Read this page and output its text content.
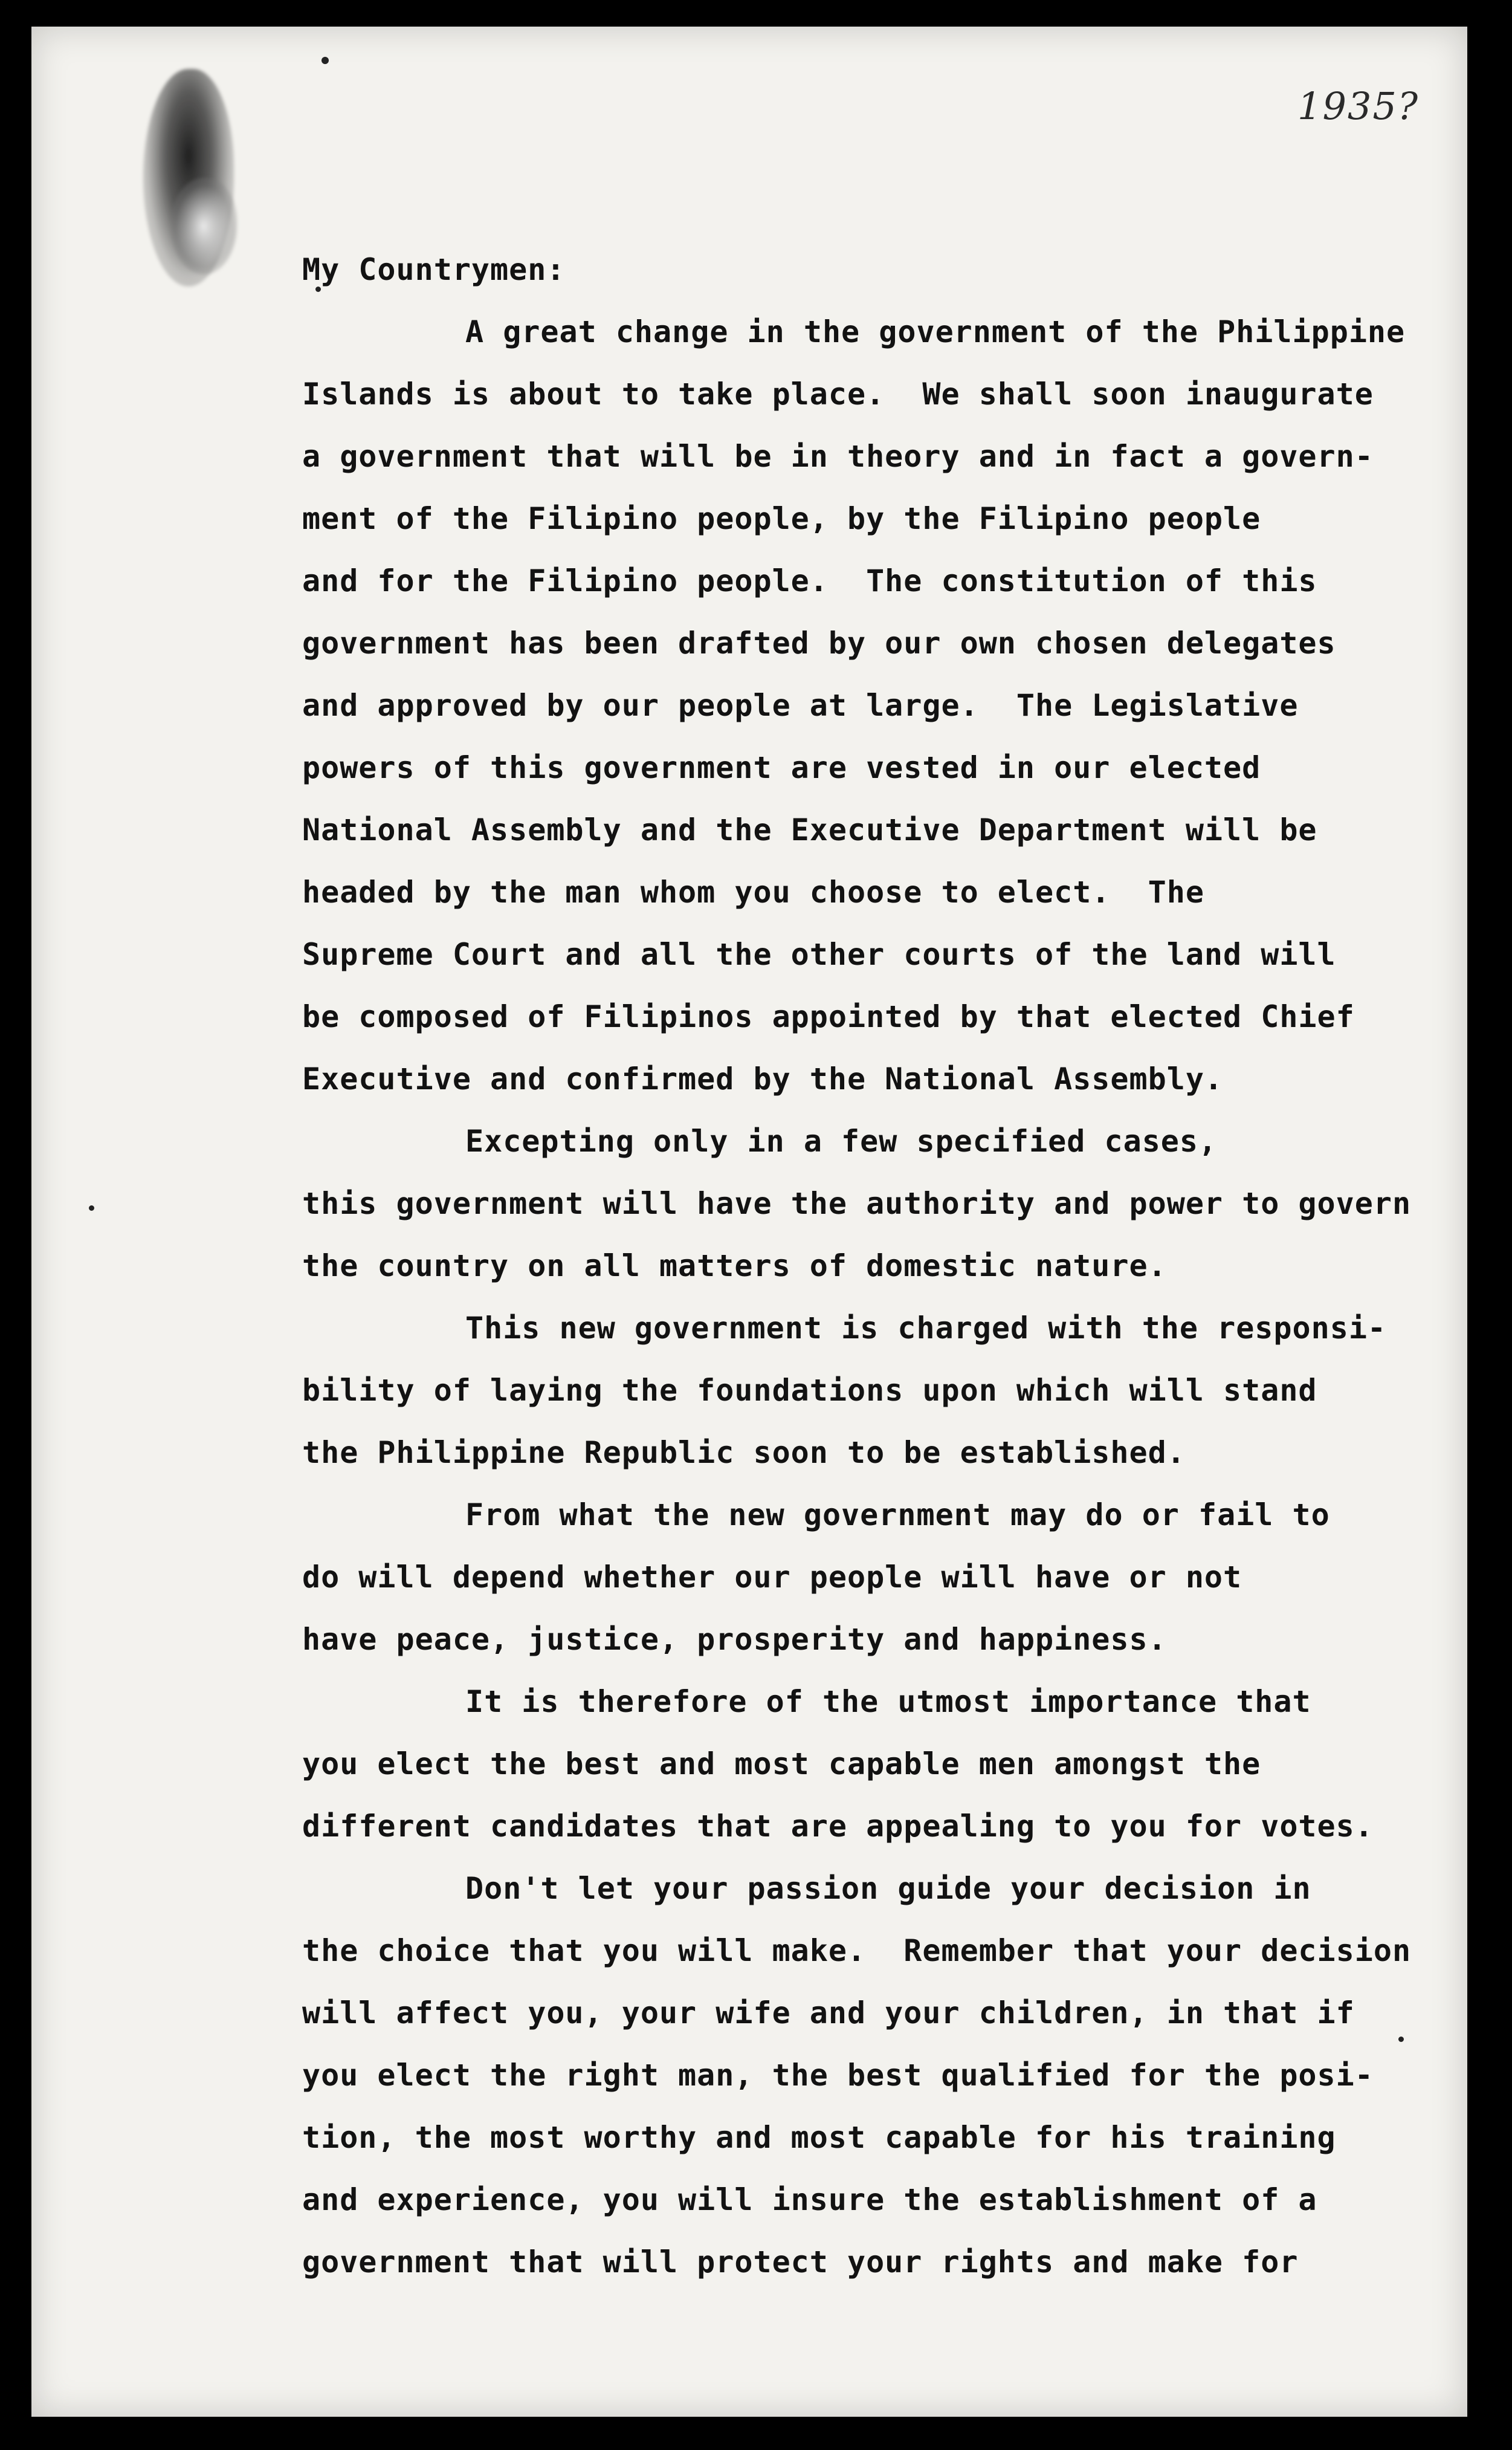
1935?
My Countrymen:
A great change in the government of the Philippine
Islands is about to take place.  We shall soon inaugurate
a government that will be in theory and in fact a govern-
ment of the Filipino people, by the Filipino people
and for the Filipino people.  The constitution of this
government has been drafted by our own chosen delegates
and approved by our people at large.  The Legislative
powers of this government are vested in our elected
National Assembly and the Executive Department will be
headed by the man whom you choose to elect.  The
Supreme Court and all the other courts of the land will
be composed of Filipinos appointed by that elected Chief
Executive and confirmed by the National Assembly.
Excepting only in a few specified cases,
this government will have the authority and power to govern
the country on all matters of domestic nature.
This new government is charged with the responsi-
bility of laying the foundations upon which will stand
the Philippine Republic soon to be established.
From what the new government may do or fail to
do will depend whether our people will have or not
have peace, justice, prosperity and happiness.
It is therefore of the utmost importance that
you elect the best and most capable men amongst the
different candidates that are appealing to you for votes.
Don't let your passion guide your decision in
the choice that you will make.  Remember that your decision
will affect you, your wife and your children, in that if
you elect the right man, the best qualified for the posi-
tion, the most worthy and most capable for his training
and experience, you will insure the establishment of a
government that will protect your rights and make for
